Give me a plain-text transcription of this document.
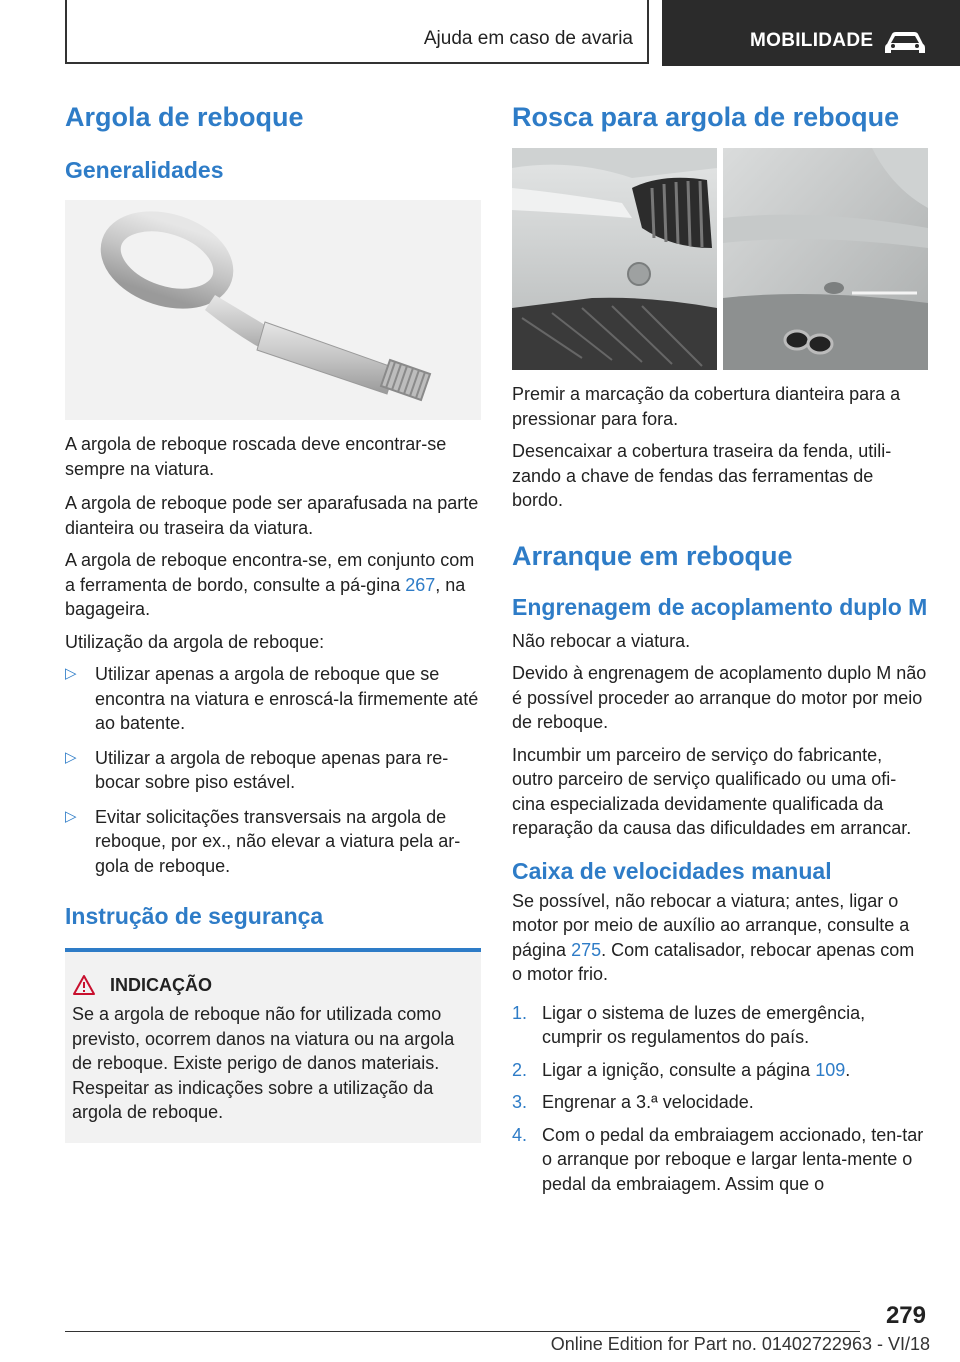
Ajuda em caso de avaria	MOBILIDADE
Argola de reboque
Generalidades

A argola de reboque roscada deve encontrar-se sempre na viatura.

A argola de reboque pode ser aparafusada na parte dianteira ou traseira da viatura.

A argola de reboque encontra-se, em conjunto com a ferramenta de bordo, consulte a pá-gina 267, na bagageira.

Utilização da argola de reboque:

▷ Utilizar apenas a argola de reboque que se encontra na viatura e enroscá-la firmemente até ao batente.
▷ Utilizar a argola de reboque apenas para re-bocar sobre piso estável.
▷ Evitar solicitações transversais na argola de reboque, por ex., não elevar a viatura pela ar-gola de reboque.
Instrução de segurança
INDICAÇÃO

Se a argola de reboque não for utilizada como previsto, ocorrem danos na viatura ou na argola de reboque. Existe perigo de danos materiais. Respeitar as indicações sobre a utilização da argola de reboque.

Rosca para argola de reboque

Premir a marcação da cobertura dianteira para a pressionar para fora.

Desencaixar a cobertura traseira da fenda, utili-zando a chave de fendas das ferramentas de bordo.

Arranque em reboque
Engrenagem de acoplamento duplo M

Não rebocar a viatura.

Devido à engrenagem de acoplamento duplo M não é possível proceder ao arranque do motor por meio de reboque.

Incumbir um parceiro de serviço do fabricante, outro parceiro de serviço qualificado ou uma ofi-cina especializada devidamente qualificada da reparação da causa das dificuldades em arrancar.

Caixa de velocidades manual

Se possível, não rebocar a viatura; antes, ligar o motor por meio de auxílio ao arranque, consulte a página 275. Com catalisador, rebocar apenas com o motor frio.

1. Ligar o sistema de luzes de emergência, cumprir os regulamentos do país.
2. Ligar a ignição, consulte a página 109.
3. Engrenar a 3.ª velocidade.
4. Com o pedal da embraiagem accionado, ten-tar o arranque por reboque e largar lenta-mente o pedal da embraiagem. Assim que o
279
Online Edition for Part no. 01402722963 - VI/18
